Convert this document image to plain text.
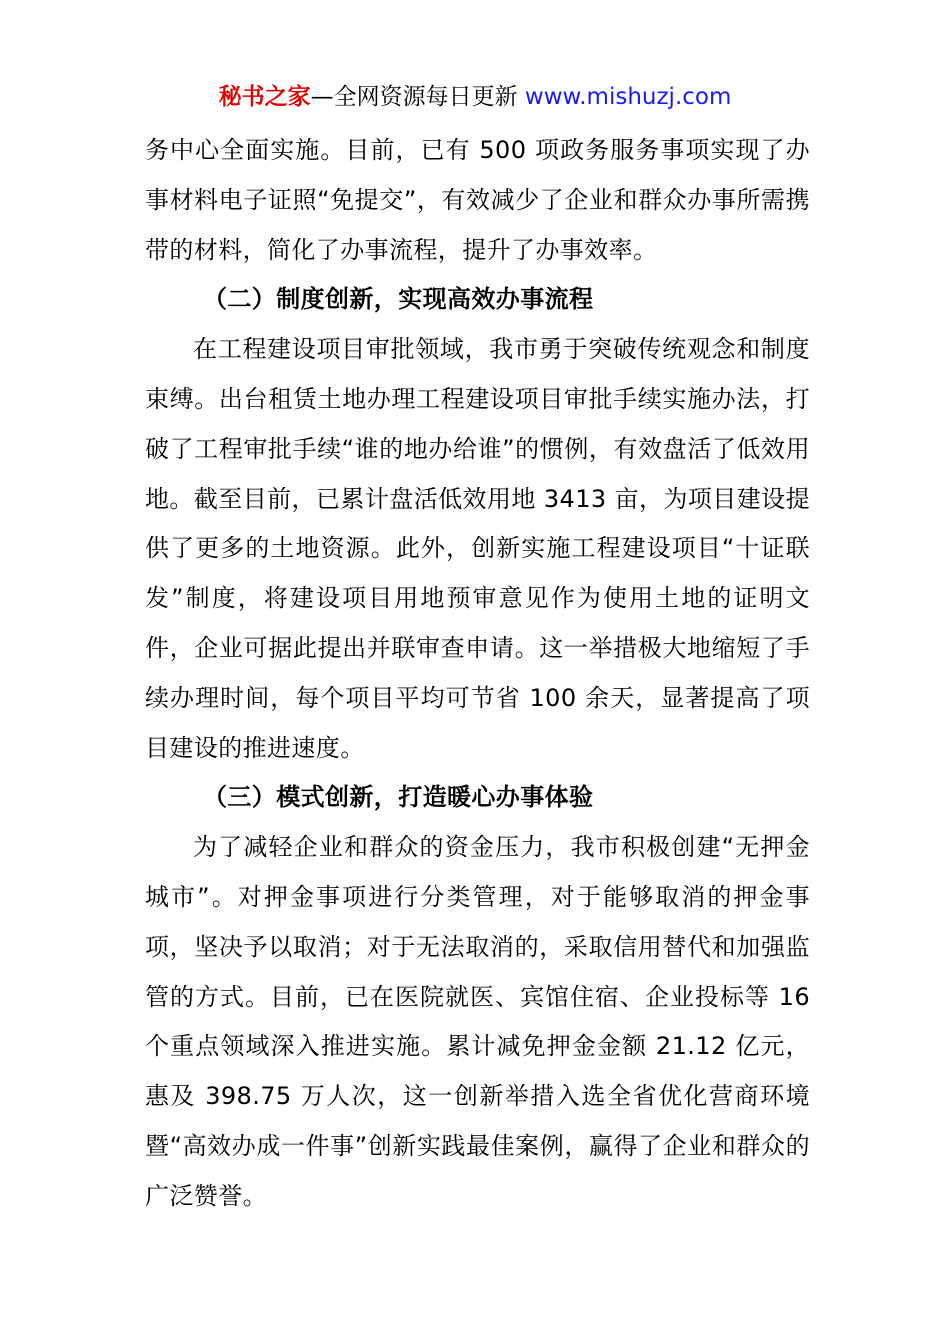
秘书之家—全网资源每日更新 www.mishuzj.com

务中心全面实施。目前，已有 500 项政务服务事项实现了办事材料电子证照“免提交”，有效减少了企业和群众办事所需携带的材料，简化了办事流程，提升了办事效率。

（二）制度创新，实现高效办事流程

在工程建设项目审批领域，我市勇于突破传统观念和制度束缚。出台租赁土地办理工程建设项目审批手续实施办法，打破了工程审批手续“谁的地办给谁”的惯例，有效盘活了低效用地。截至目前，已累计盘活低效用地 3413 亩，为项目建设提供了更多的土地资源。此外，创新实施工程建设项目“十证联发”制度，将建设项目用地预审意见作为使用土地的证明文件，企业可据此提出并联审查申请。这一举措极大地缩短了手续办理时间，每个项目平均可节省 100 余天，显著提高了项目建设的推进速度。

（三）模式创新，打造暖心办事体验

为了减轻企业和群众的资金压力，我市积极创建“无押金城市”。对押金事项进行分类管理，对于能够取消的押金事项，坚决予以取消；对于无法取消的，采取信用替代和加强监管的方式。目前，已在医院就医、宾馆住宿、企业投标等 16 个重点领域深入推进实施。累计减免押金金额 21.12 亿元，惠及 398.75 万人次，这一创新举措入选全省优化营商环境暨“高效办成一件事”创新实践最佳案例，赢得了企业和群众的广泛赞誉。
